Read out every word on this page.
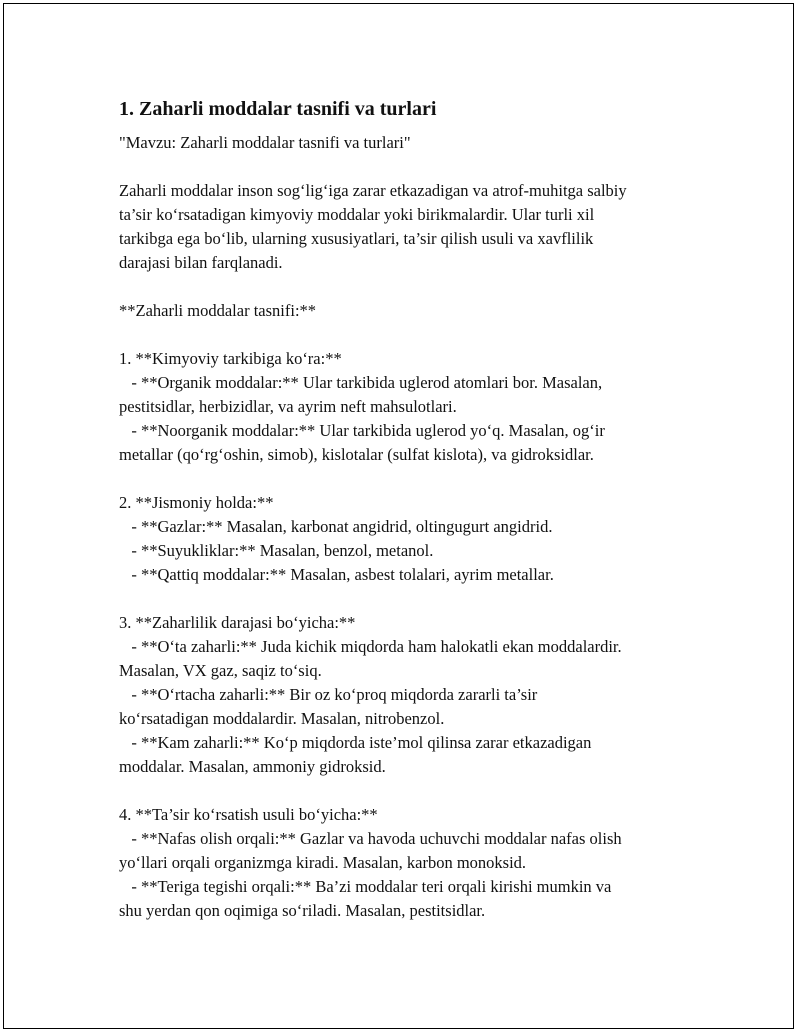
1. Zaharli moddalar tasnifi va turlari

"Mavzu: Zaharli moddalar tasnifi va turlari"

Zaharli moddalar inson sog‘lig‘iga zarar etkazadigan va atrof-muhitga salbiy
ta’sir ko‘rsatadigan kimyoviy moddalar yoki birikmalardir. Ular turli xil
tarkibga ega bo‘lib, ularning xususiyatlari, ta’sir qilish usuli va xavflilik
darajasi bilan farqlanadi.

**Zaharli moddalar tasnifi:**

1. **Kimyoviy tarkibiga ko‘ra:**

- **Organik moddalar:** Ular tarkibida uglerod atomlari bor. Masalan,
pestitsidlar, herbizidlar, va ayrim neft mahsulotlari.

- **Noorganik moddalar:** Ular tarkibida uglerod yo‘q. Masalan, og‘ir
metallar (qo‘rg‘oshin, simob), kislotalar (sulfat kislota), va gidroksidlar.

2. **Jismoniy holda:**

- **Gazlar:** Masalan, karbonat angidrid, oltingugurt angidrid.

- **Suyukliklar:** Masalan, benzol, metanol.

- **Qattiq moddalar:** Masalan, asbest tolalari, ayrim metallar.

3. **Zaharlilik darajasi bo‘yicha:**

- **O‘ta zaharli:** Juda kichik miqdorda ham halokatli ekan moddalardir.
Masalan, VX gaz, saqiz to‘siq.

- **O‘rtacha zaharli:** Bir oz ko‘proq miqdorda zararli ta’sir
ko‘rsatadigan moddalardir. Masalan, nitrobenzol.

- **Kam zaharli:** Ko‘p miqdorda iste’mol qilinsa zarar etkazadigan
moddalar. Masalan, ammoniy gidroksid.

4. **Ta’sir ko‘rsatish usuli bo‘yicha:**

- **Nafas olish orqali:** Gazlar va havoda uchuvchi moddalar nafas olish
yo‘llari orqali organizmga kiradi. Masalan, karbon monoksid.

- **Teriga tegishi orqali:** Ba’zi moddalar teri orqali kirishi mumkin va
shu yerdan qon oqimiga so‘riladi. Masalan, pestitsidlar.
